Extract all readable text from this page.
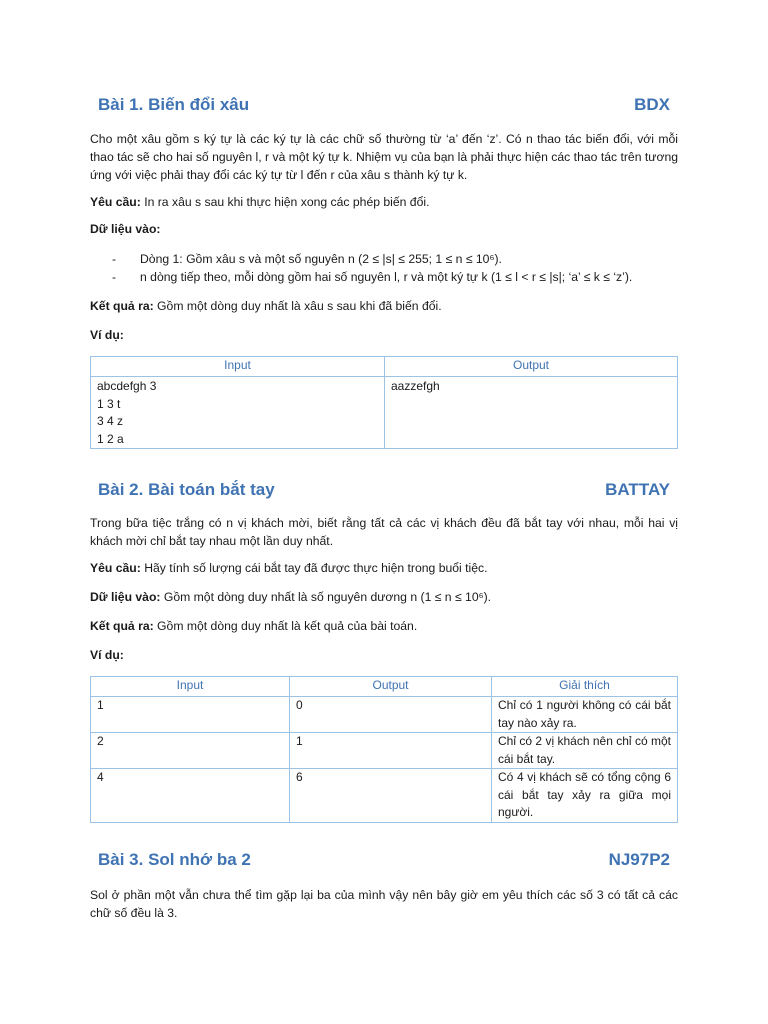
Bài 1. Biến đổi xâu	BDX
Cho một xâu gồm s ký tự là các ký tự là các chữ số thường từ ‘a’ đến ‘z’. Có n thao tác biến đổi, với mỗi thao tác sẽ cho hai số nguyên l, r và một ký tự k. Nhiệm vụ của bạn là phải thực hiện các thao tác trên tương ứng với việc phải thay đổi các ký tự từ l đến r của xâu s thành ký tự k.
Yêu cầu: In ra xâu s sau khi thực hiện xong các phép biến đổi.
Dữ liệu vào:
- Dòng 1: Gồm xâu s và một số nguyên n (2 ≤ |s| ≤ 255; 1 ≤ n ≤ 10⁶).
- n dòng tiếp theo, mỗi dòng gồm hai số nguyên l, r và một ký tự k (1 ≤ l < r ≤ |s|; ‘a’ ≤ k ≤ ‘z’).
Kết quả ra: Gồm một dòng duy nhất là xâu s sau khi đã biến đổi.
Ví dụ:
Input	Output
abcdefgh 3
1 3 t
3 4 z
1 2 a	aazzefgh
Bài 2. Bài toán bắt tay	BATTAY
Trong bữa tiệc trắng có n vị khách mời, biết rằng tất cả các vị khách đều đã bắt tay với nhau, mỗi hai vị khách mời chỉ bắt tay nhau một lần duy nhất.
Yêu cầu: Hãy tính số lượng cái bắt tay đã được thực hiện trong buổi tiệc.
Dữ liệu vào: Gồm một dòng duy nhất là số nguyên dương n (1 ≤ n ≤ 10⁶).
Kết quả ra: Gồm một dòng duy nhất là kết quả của bài toán.
Ví dụ:
Input	Output	Giải thích
1	0	Chỉ có 1 người không có cái bắt tay nào xảy ra.
2	1	Chỉ có 2 vị khách nên chỉ có một cái bắt tay.
4	6	Có 4 vị khách sẽ có tổng cộng 6 cái bắt tay xảy ra giữa mọi người.
Bài 3. Sol nhớ ba 2	NJ97P2
Sol ở phần một vẫn chưa thể tìm gặp lại ba của mình vậy nên bây giờ em yêu thích các số 3 có tất cả các chữ số đều là 3.
